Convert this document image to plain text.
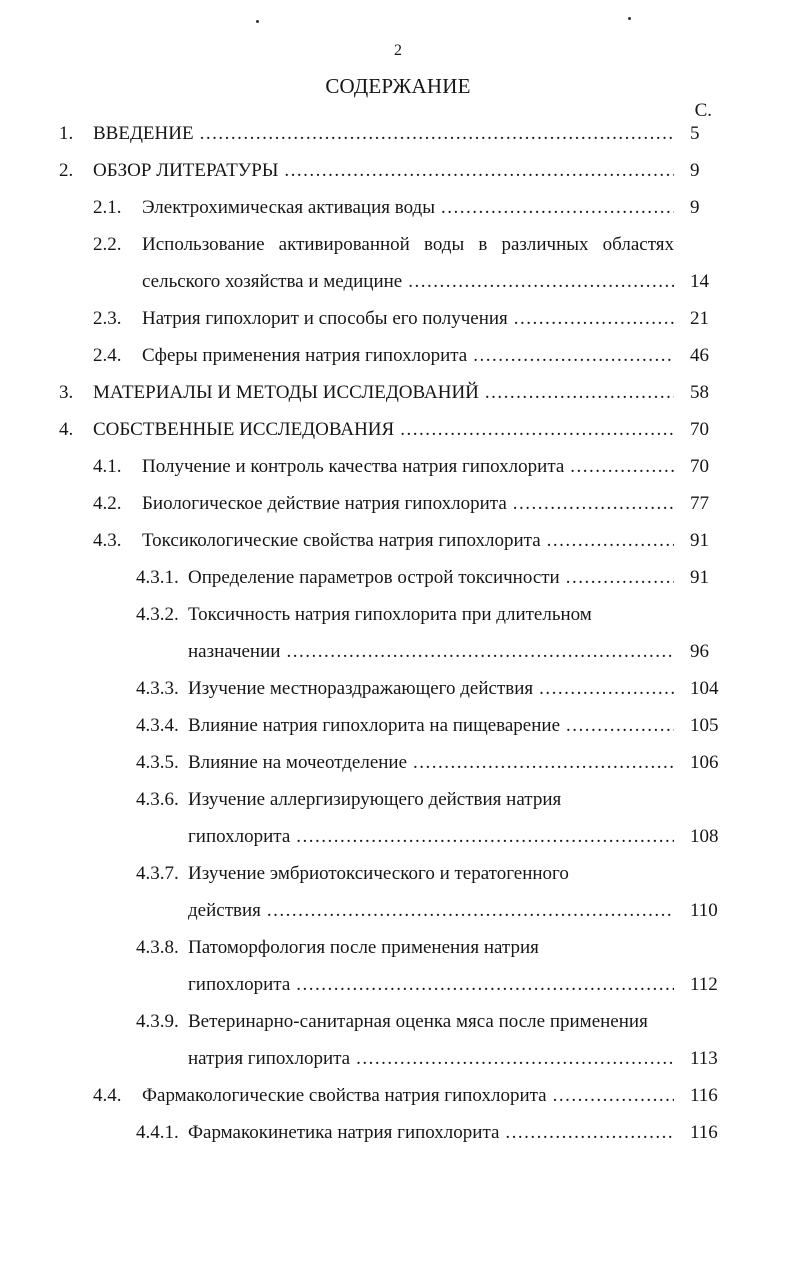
2
СОДЕРЖАНИЕ
С.
1. ВВЕДЕНИЕ .....	5
2. ОБЗОР ЛИТЕРАТУРЫ .....	9
2.1. Электрохимическая активация воды .....	9
2.2. Использование активированной воды в различных областях
сельского хозяйства и медицине .....	14
2.3. Натрия гипохлорит и способы его получения .....	21
2.4. Сферы применения натрия гипохлорита .....	46
3. МАТЕРИАЛЫ И МЕТОДЫ ИССЛЕДОВАНИЙ .....	58
4. СОБСТВЕННЫЕ ИССЛЕДОВАНИЯ .....	70
4.1. Получение и контроль качества натрия гипохлорита .....	70
4.2. Биологическое действие натрия гипохлорита .....	77
4.3. Токсикологические свойства натрия гипохлорита .....	91
4.3.1. Определение параметров острой токсичности .....	91
4.3.2. Токсичность натрия гипохлорита при длительном
назначении .....	96
4.3.3. Изучение местнораздражающего действия .....	104
4.3.4. Влияние натрия гипохлорита на пищеварение .....	105
4.3.5. Влияние на мочеотделение .....	106
4.3.6. Изучение аллергизирующего действия натрия
гипохлорита .....	108
4.3.7. Изучение эмбриотоксического и тератогенного
действия .....	110
4.3.8. Патоморфология после применения натрия
гипохлорита .....	112
4.3.9. Ветеринарно-санитарная оценка мяса после применения
натрия гипохлорита .....	113
4.4. Фармакологические свойства натрия гипохлорита .....	116
4.4.1. Фармакокинетика натрия гипохлорита .....	116
